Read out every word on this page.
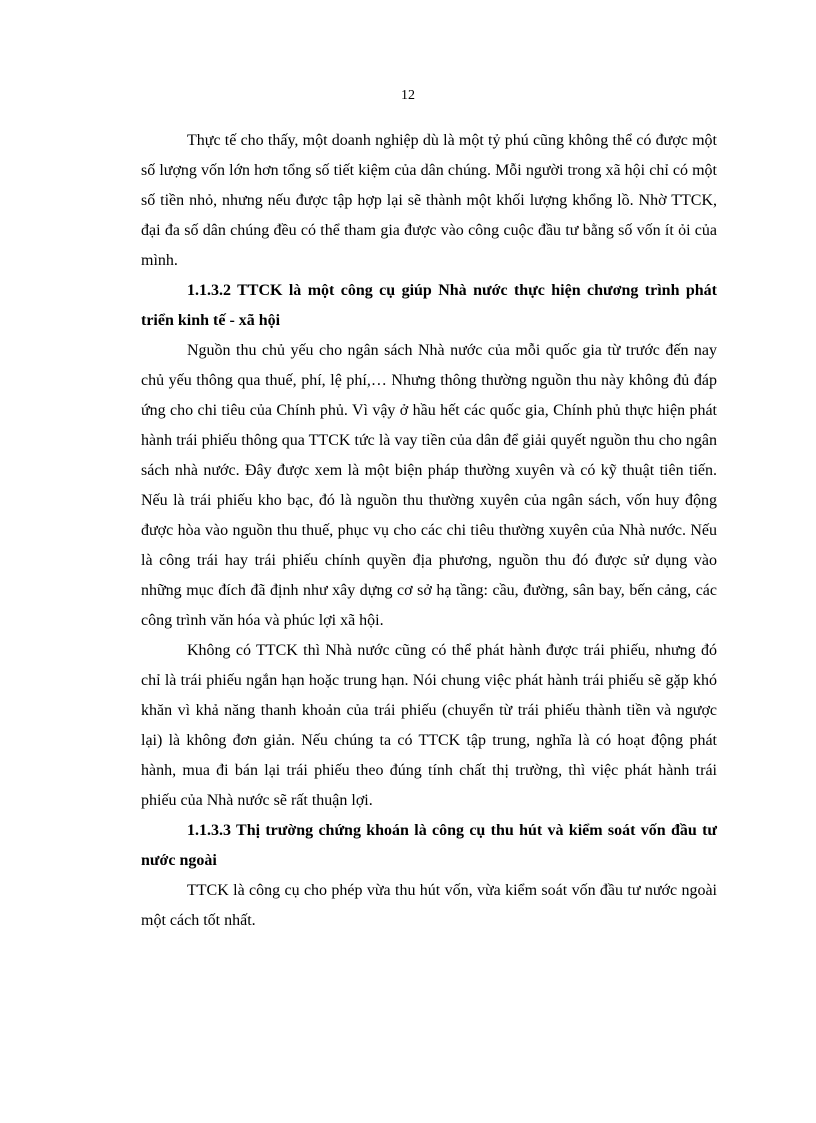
12

Thực tế cho thấy, một doanh nghiệp dù là một tỷ phú cũng không thể có được một số lượng vốn lớn hơn tổng số tiết kiệm của dân chúng. Mỗi người trong xã hội chỉ có một số tiền nhỏ, nhưng nếu được tập hợp lại sẽ thành một khối lượng khổng lồ. Nhờ TTCK, đại đa số dân chúng đều có thể tham gia được vào công cuộc đầu tư bằng số vốn ít ỏi của mình.

1.1.3.2 TTCK là một công cụ giúp Nhà nước thực hiện chương trình phát triển kinh tế - xã hội

Nguồn thu chủ yếu cho ngân sách Nhà nước của mỗi quốc gia từ trước đến nay chủ yếu thông qua thuế, phí, lệ phí,… Nhưng thông thường nguồn thu này không đủ đáp ứng cho chi tiêu của Chính phủ. Vì vậy ở hầu hết các quốc gia, Chính phủ thực hiện phát hành trái phiếu thông qua TTCK tức là vay tiền của dân để giải quyết nguồn thu cho ngân sách nhà nước. Đây được xem là một biện pháp thường xuyên và có kỹ thuật tiên tiến. Nếu là trái phiếu kho bạc, đó là nguồn thu thường xuyên của ngân sách, vốn huy động được hòa vào nguồn thu thuế, phục vụ cho các chi tiêu thường xuyên của Nhà nước. Nếu là công trái hay trái phiếu chính quyền địa phương, nguồn thu đó được sử dụng vào những mục đích đã định như xây dựng cơ sở hạ tầng: cầu, đường, sân bay, bến cảng, các công trình văn hóa và phúc lợi xã hội.

Không có TTCK thì Nhà nước cũng có thể phát hành được trái phiếu, nhưng đó chỉ là trái phiếu ngắn hạn hoặc trung hạn. Nói chung việc phát hành trái phiếu sẽ gặp khó khăn vì khả năng thanh khoản của trái phiếu (chuyển từ trái phiếu thành tiền và ngược lại) là không đơn giản. Nếu chúng ta có TTCK tập trung, nghĩa là có hoạt động phát hành, mua đi bán lại trái phiếu theo đúng tính chất thị trường, thì việc phát hành trái phiếu của Nhà nước sẽ rất thuận lợi.

1.1.3.3 Thị trường chứng khoán là công cụ thu hút và kiểm soát vốn đầu tư nước ngoài

TTCK là công cụ cho phép vừa thu hút vốn, vừa kiểm soát vốn đầu tư nước ngoài một cách tốt nhất.
